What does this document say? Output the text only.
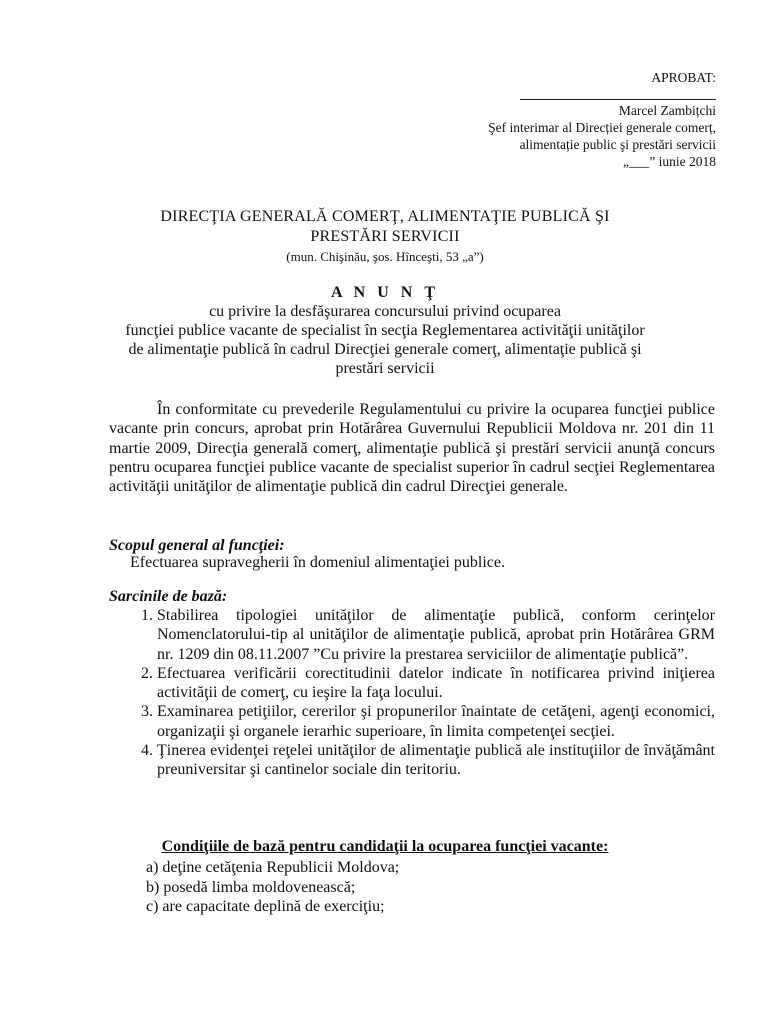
APROBAT:
Marcel Zambițchi
Şef interimar al Direcției generale comerț,
alimentație public şi prestări servicii
„___” iunie 2018
DIRECŢIA GENERALĂ COMERŢ, ALIMENTAŢIE PUBLICĂ ŞI
PRESTĂRI SERVICII
(mun. Chişinău, şos. Hînceşti, 53 „a”)
A N U N Ţ
cu privire la desfăşurarea concursului privind ocuparea
funcţiei publice vacante de specialist în secţia Reglementarea activităţii unităţilor
de alimentaţie publică în cadrul Direcţiei generale comerţ, alimentaţie publică şi
prestări servicii
În conformitate cu prevederile Regulamentului cu privire la ocuparea funcţiei publice vacante prin concurs, aprobat prin Hotărârea Guvernului Republicii Moldova nr. 201 din 11 martie 2009, Direcţia generală comerţ, alimentaţie publică şi prestări servicii anunţă concurs pentru ocuparea funcţiei publice vacante de specialist superior în cadrul secţiei Reglementarea activităţii unităţilor de alimentaţie publică din cadrul Direcţiei generale.
Scopul general al funcţiei:
Efectuarea supravegherii în domeniul alimentaţiei publice.
Sarcinile de bază:
1. Stabilirea tipologiei unităţilor de alimentaţie publică, conform cerinţelor Nomenclatorului-tip al unităţilor de alimentaţie publică, aprobat prin Hotărârea GRM nr. 1209 din 08.11.2007 ”Cu privire la prestarea serviciilor de alimentaţie publică”.
2. Efectuarea verificării corectitudinii datelor indicate în notificarea privind iniţierea activităţii de comerţ, cu ieşire la faţa locului.
3. Examinarea petiţiilor, cererilor şi propunerilor înaintate de cetăţeni, agenţi economici, organizaţii şi organele ierarhic superioare, în limita competenţei secţiei.
4. Ţinerea evidenţei reţelei unităţilor de alimentaţie publică ale instituţiilor de învăţământ preuniversitar şi cantinelor sociale din teritoriu.
Condiţiile de bază pentru candidaţii la ocuparea funcţiei vacante:
a) deţine cetăţenia Republicii Moldova;
b) posedă limba moldovenească;
c) are capacitate deplină de exerciţiu;
